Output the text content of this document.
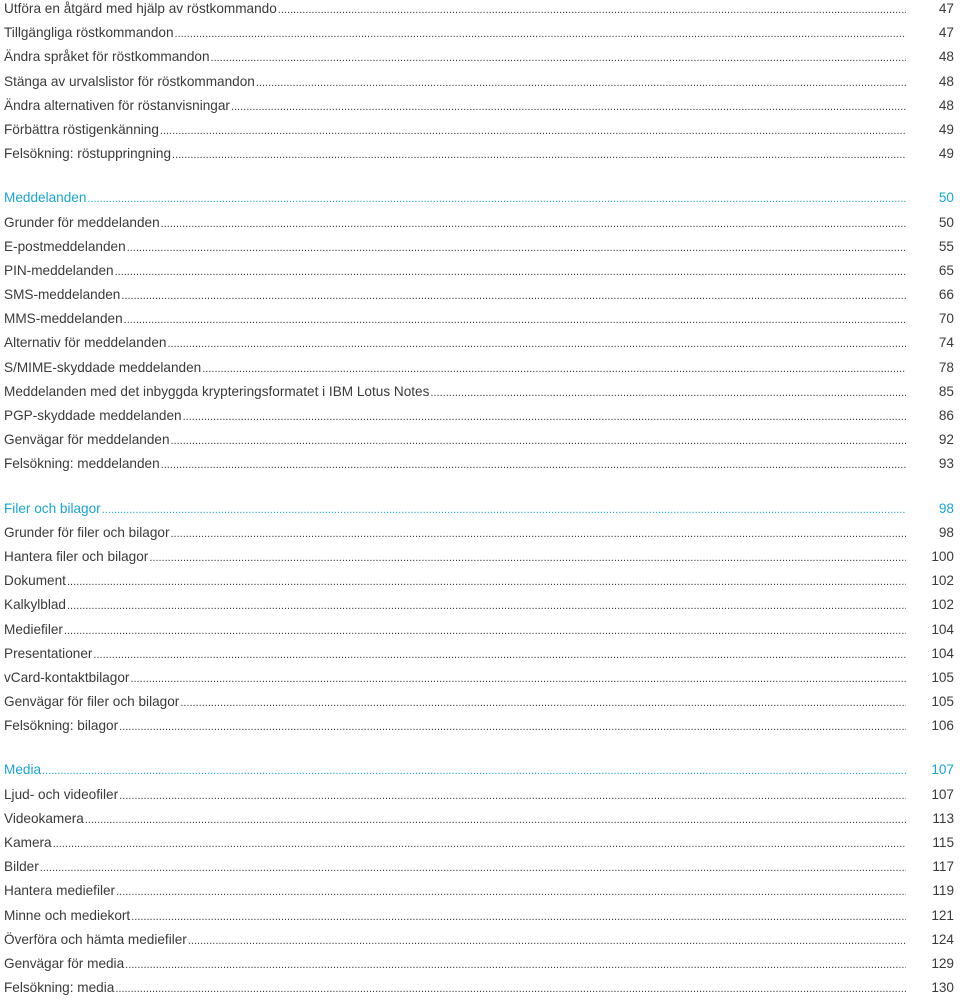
Utföra en åtgärd med hjälp av röstkommando .....	47
Tillgängliga röstkommandon .....	47
Ändra språket för röstkommandon .....	48
Stänga av urvalslistor för röstkommandon .....	48
Ändra alternativen för röstanvisningar .....	48
Förbättra röstigenkänning .....	49
Felsökning: röstuppringning .....	49
Meddelanden .....	50
Grunder för meddelanden .....	50
E-postmeddelanden .....	55
PIN-meddelanden .....	65
SMS-meddelanden .....	66
MMS-meddelanden .....	70
Alternativ för meddelanden .....	74
S/MIME-skyddade meddelanden .....	78
Meddelanden med det inbyggda krypteringsformatet i IBM Lotus Notes .....	85
PGP-skyddade meddelanden .....	86
Genvägar för meddelanden .....	92
Felsökning: meddelanden .....	93
Filer och bilagor .....	98
Grunder för filer och bilagor .....	98
Hantera filer och bilagor .....	100
Dokument .....	102
Kalkylblad .....	102
Mediefiler .....	104
Presentationer .....	104
vCard-kontaktbilagor .....	105
Genvägar för filer och bilagor .....	105
Felsökning: bilagor .....	106
Media .....	107
Ljud- och videofiler .....	107
Videokamera .....	113
Kamera .....	115
Bilder .....	117
Hantera mediefiler .....	119
Minne och mediekort .....	121
Överföra och hämta mediefiler .....	124
Genvägar för media .....	129
Felsökning: media .....	130
